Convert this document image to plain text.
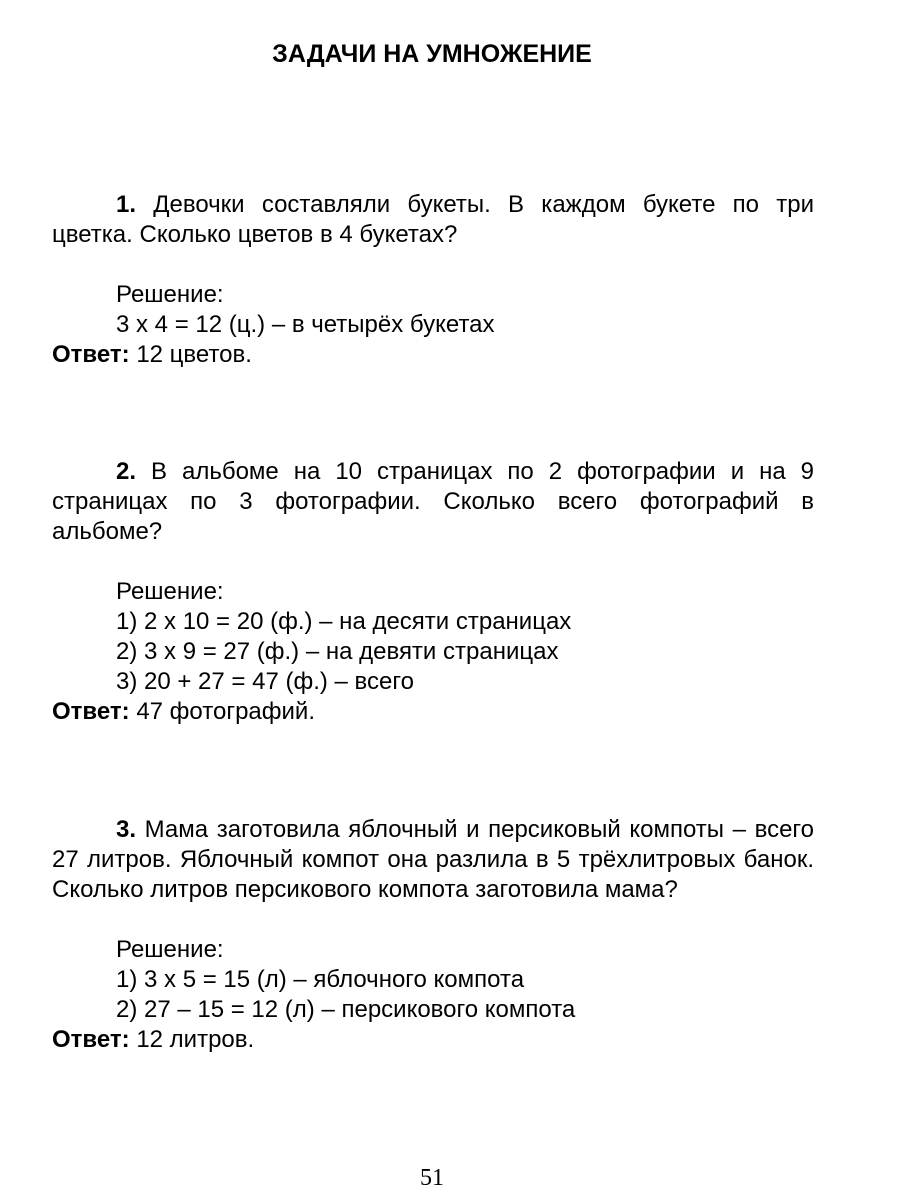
ЗАДАЧИ НА УМНОЖЕНИЕ

1. Девочки составляли букеты. В каждом букете по три цветка. Сколько цветов в 4 букетах?

Решение:
3 х 4 = 12 (ц.) – в четырёх букетах
Ответ: 12 цветов.

2. В альбоме на 10 страницах по 2 фотографии и на 9 страницах по 3 фотографии. Сколько всего фотографий в альбоме?

Решение:
1) 2 х 10 = 20 (ф.) – на десяти страницах
2) 3 х 9 = 27 (ф.) – на девяти страницах
3) 20 + 27 = 47 (ф.) – всего
Ответ: 47 фотографий.

3. Мама заготовила яблочный и персиковый компоты – всего 27 литров. Яблочный компот она разлила в 5 трёхлитровых банок. Сколько литров персикового компота заготовила мама?

Решение:
1) 3 х 5 = 15 (л) – яблочного компота
2) 27 – 15 = 12 (л) – персикового компота
Ответ: 12 литров.
51
